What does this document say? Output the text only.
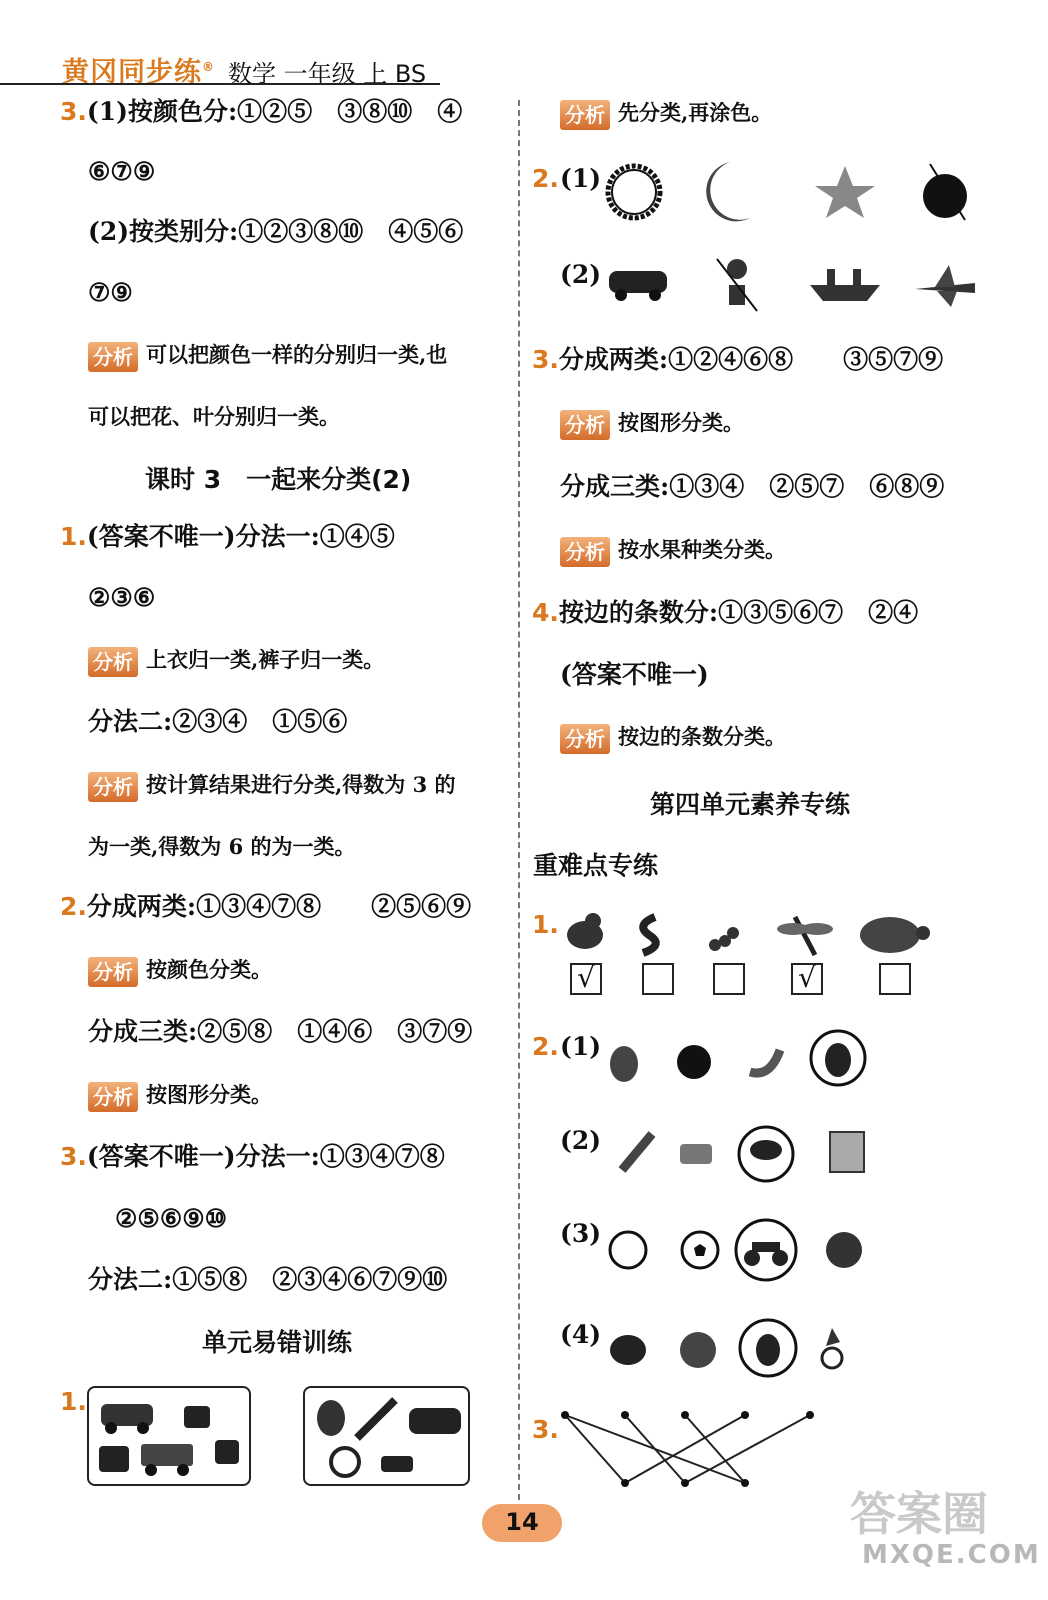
黄冈同步练® 数学 一年级 上 BS
3.(1)按颜色分:①②⑤　③⑧⑩　④
⑥⑦⑨
(2)按类别分:①②③⑧⑩　④⑤⑥
⑦⑨
分析 可以把颜色一样的分别归一类,也
可以把花、叶分别归一类。
课时 3　一起来分类(2)
1.(答案不唯一)分法一:①④⑤
②③⑥
分析 上衣归一类,裤子归一类。
分法二:②③④　①⑤⑥
分析 按计算结果进行分类,得数为 3 的
为一类,得数为 6 的为一类。
2.分成两类:①③④⑦⑧　　②⑤⑥⑨
分析 按颜色分类。
分成三类:②⑤⑧　①④⑥　③⑦⑨
分析 按图形分类。
3.(答案不唯一)分法一:①③④⑦⑧
②⑤⑥⑨⑩
分法二:①⑤⑧　②③④⑥⑦⑨⑩
单元易错训练
1.
分析 先分类,再涂色。
2. (1)
(2)
3.分成两类:①②④⑥⑧　　③⑤⑦⑨
分析 按图形分类。
分成三类:①③④　②⑤⑦　⑥⑧⑨
分析 按水果种类分类。
4.按边的条数分:①③⑤⑥⑦　②④
(答案不唯一)
分析 按边的条数分类。
第四单元素养专练
重难点专练
1.
√	√
2. (1)
(2)
(3)
(4)
3.
14	答案圈
MXQE.COM
